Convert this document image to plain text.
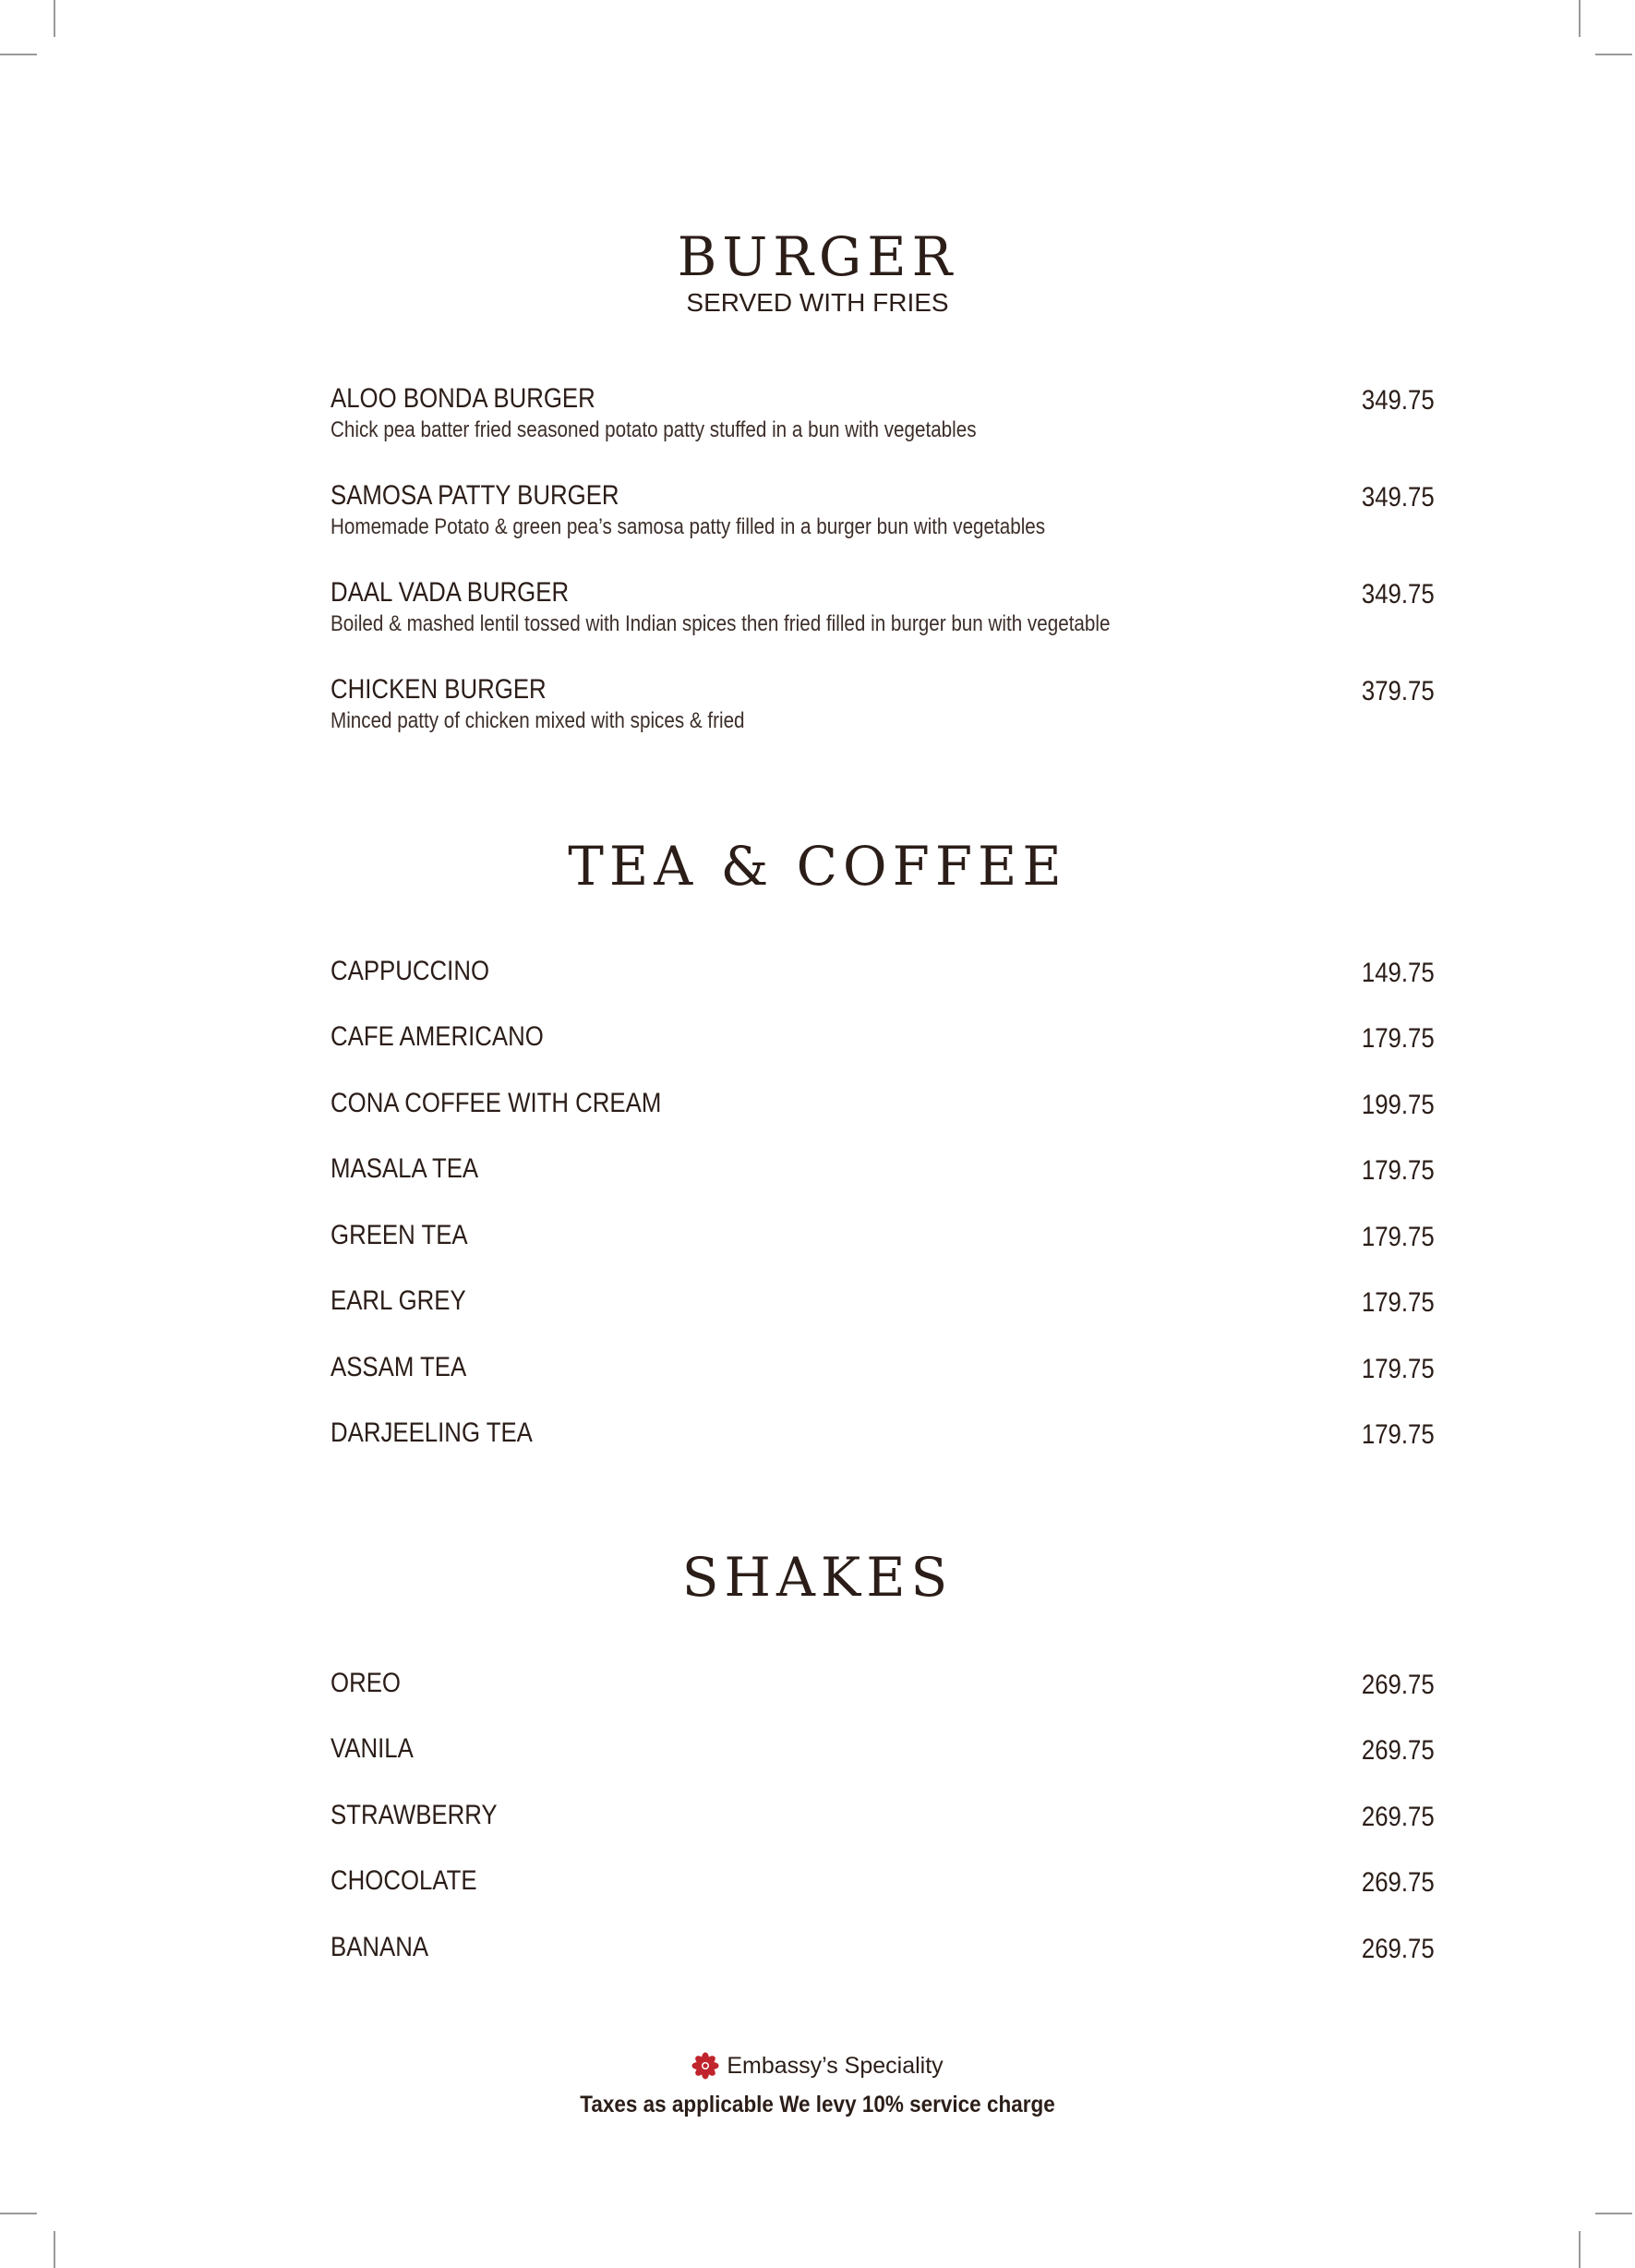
BURGER
SERVED WITH FRIES
ALOO BONDA BURGER
Chick pea batter fried seasoned potato patty stuffed in a bun with vegetables
349.75
SAMOSA PATTY BURGER
Homemade Potato & green pea’s samosa patty filled in a burger bun with vegetables
349.75
DAAL VADA BURGER
Boiled & mashed lentil tossed with Indian spices then fried filled in burger bun with vegetable
349.75
CHICKEN BURGER
Minced patty of chicken mixed with spices & fried
379.75
TEA & COFFEE
CAPPUCCINO	149.75
CAFE AMERICANO	179.75
CONA COFFEE WITH CREAM	199.75
MASALA TEA	179.75
GREEN TEA	179.75
EARL GREY	179.75
ASSAM TEA	179.75
DARJEELING TEA	179.75
SHAKES
OREO	269.75
VANILA	269.75
STRAWBERRY	269.75
CHOCOLATE	269.75
BANANA	269.75
Embassy’s Speciality
Taxes as applicable We levy 10% service charge
